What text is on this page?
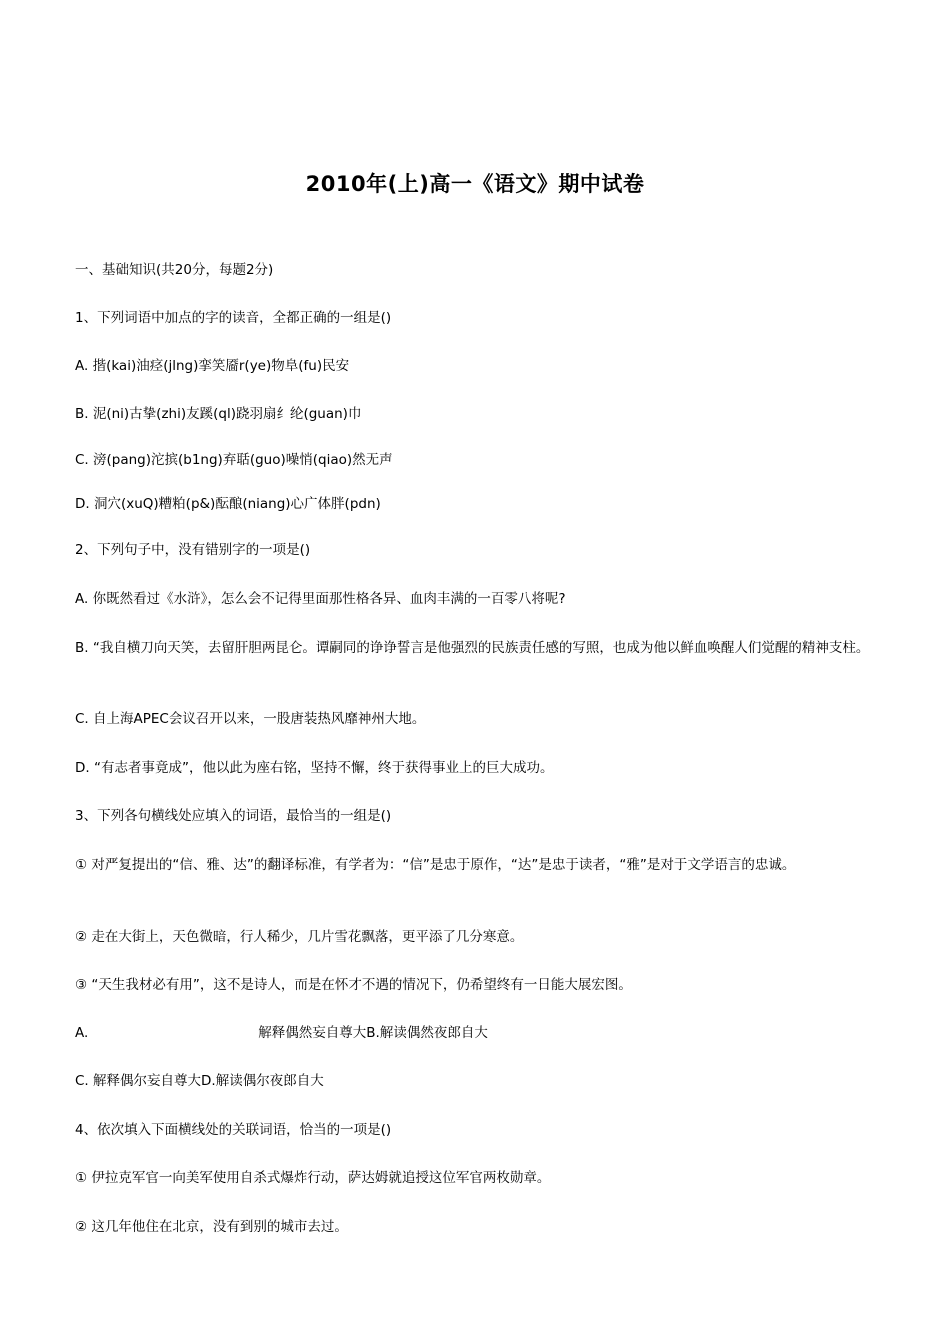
2010年(上)高一《语文》期中试卷
一、基础知识(共20分，每题2分)
1、下列词语中加点的字的读音，全都正确的一组是()
A. 揩(kai)油痉(jlng)挛笑靥r(ye)物阜(fu)民安
B. 泥(ni)古挚(zhi)友蹊(ql)跷羽扇纟纶(guan)巾
C. 滂(pang)沱摈(b1ng)弃聒(guo)噪悄(qiao)然无声
D. 洞穴(xuQ)糟粕(p&)酝酿(niang)心广体胖(pdn)
2、下列句子中，没有错别字的一项是()
A. 你既然看过《水浒》，怎么会不记得里面那性格各异、血肉丰满的一百零八将呢?
B. “我自横刀向天笑，去留肝胆两昆仑。谭嗣同的诤诤誓言是他强烈的民族责任感的写照，也成为他以鲜血唤醒人们觉醒的精神支柱。
C. 自上海APEC会议召开以来，一股唐装热风靡神州大地。
D. “有志者事竟成”，他以此为座右铭，坚持不懈，终于获得事业上的巨大成功。
3、下列各句横线处应填入的词语，最恰当的一组是()
① 对严复提出的“信、雅、达”的翻译标准，有学者为：“信”是忠于原作，“达”是忠于读者，“雅”是对于文学语言的忠诚。
② 走在大街上，天色微暗，行人稀少，几片雪花飘落，更平添了几分寒意。
③ “天生我材必有用”，这不是诗人，而是在怀才不遇的情况下，仍希望终有一日能大展宏图。
A.	解释偶然妄自尊大B.解读偶然夜郎自大
C. 解释偶尔妄自尊大D.解读偶尔夜郎自大
4、依次填入下面横线处的关联词语，恰当的一项是()
① 伊拉克军官一向美军使用自杀式爆炸行动，萨达姆就追授这位军官两枚勋章。
② 这几年他住在北京，没有到别的城市去过。
